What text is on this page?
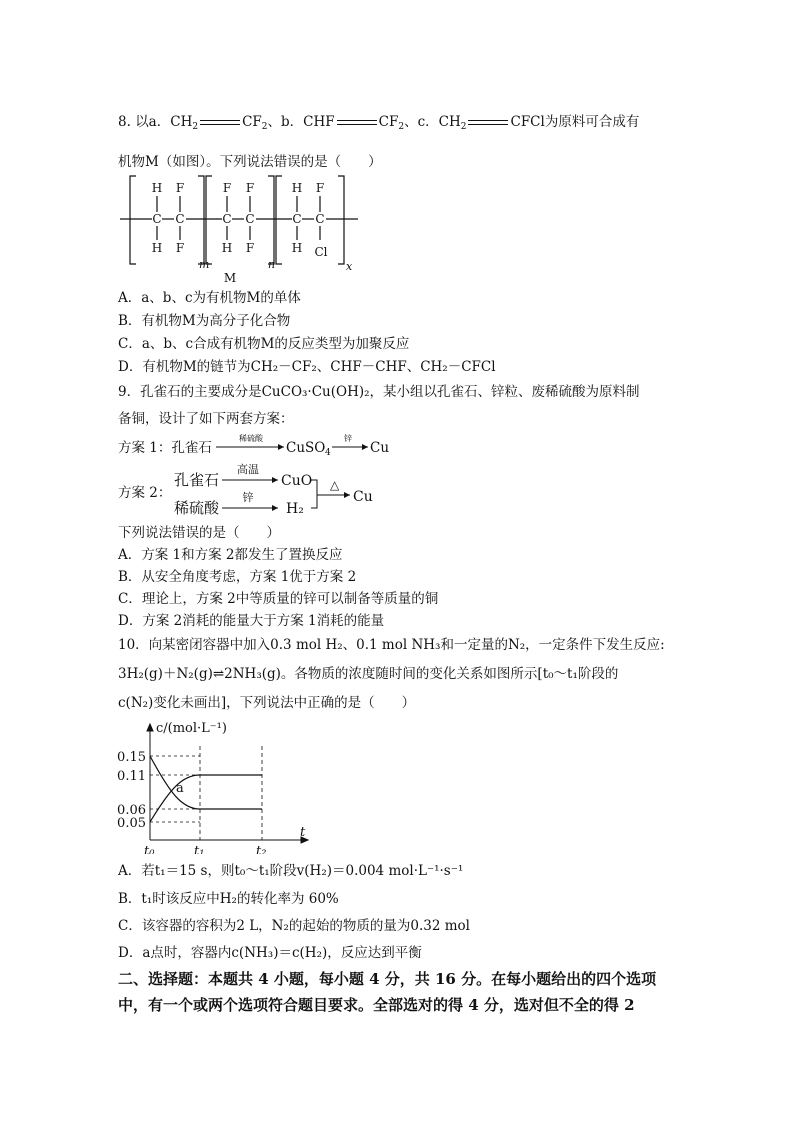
8. 以a．$CH_2$	$CF_2$、b．CHF	$CF_2$、c．$CH_2$	CFCl为原料可合成有
机物M（如图）。下列说法错误的是（　　）
H F
C C
H F
F F
C C
H F
H F
C C
H Cl
m	n	x
M
A．a、b、c为有机物M的单体
B．有机物M为高分子化合物
C．a、b、c合成有机物M的反应类型为加聚反应
D．有机物M的链节为CH₂－CF₂、CHF－CHF、CH₂－CFCl
9．孔雀石的主要成分是CuCO₃·Cu(OH)₂，某小组以孔雀石、锌粒、废稀硫酸为原料制
备铜，设计了如下两套方案：
方案 1：孔雀石
稀硫酸
CuSO 4
锌
Cu
方案 2：
孔雀石
高温
CuO
稀硫酸
锌
H₂
△
Cu
下列说法错误的是（　　）
A．方案 1和方案 2都发生了置换反应
B．从安全角度考虑，方案 1优于方案 2
C．理论上，方案 2中等质量的锌可以制备等质量的铜
D．方案 2消耗的能量大于方案 1消耗的能量
10．向某密闭容器中加入0.3 mol H₂、0.1 mol NH₃和一定量的N₂，一定条件下发生反应:
3H₂(g)＋N₂(g)⇌2NH₃(g)。各物质的浓度随时间的变化关系如图所示[t₀～t₁阶段的
c(N₂)变化未画出]，下列说法中正确的是（　　）
c/(mol·L⁻¹)
t
0.15
0.11
0.06
0.05
t₀	t₁	t₂
a
A．若t₁＝15 s，则t₀～t₁阶段v(H₂)＝0.004 mol·L⁻¹·s⁻¹
B．t₁时该反应中H₂的转化率为 60%
C．该容器的容积为2 L，N₂的起始的物质的量为0.32 mol
D．a点时，容器内c(NH₃)＝c(H₂)，反应达到平衡
二、选择题：本题共 4 小题，每小题 4 分，共 16 分。在每小题给出的四个选项
中，有一个或两个选项符合题目要求。全部选对的得 4 分，选对但不全的得 2
